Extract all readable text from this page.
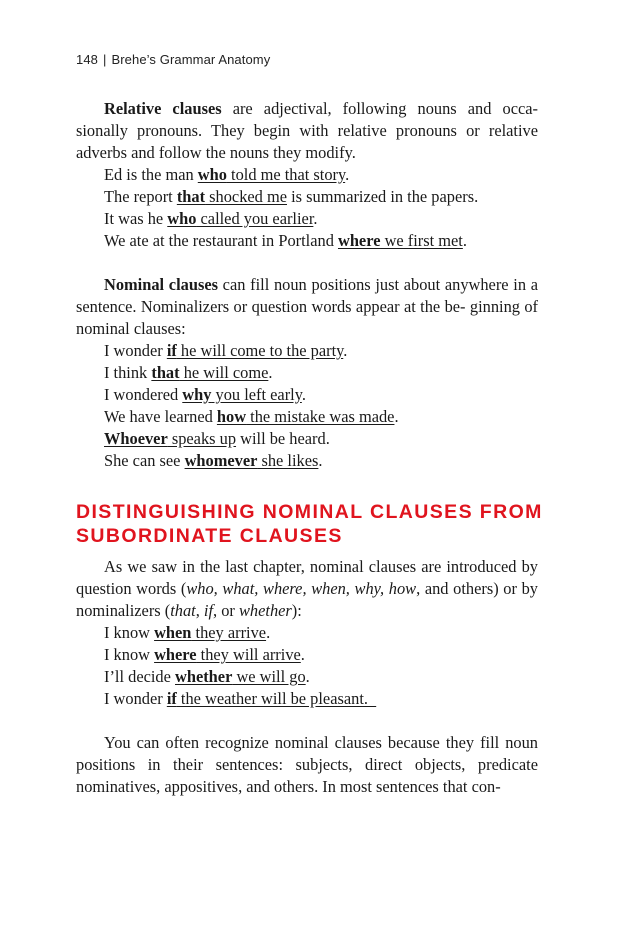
148 | Brehe’s Grammar Anatomy

Relative clauses are adjectival, following nouns and occa- sionally pronouns. They begin with relative pronouns or relative adverbs and follow the nouns they modify.

Ed is the man who told me that story.
The report that shocked me is summarized in the papers.
It was he who called you earlier.
We ate at the restaurant in Portland where we first met.

Nominal clauses can fill noun positions just about anywhere in a sentence. Nominalizers or question words appear at the be- ginning of nominal clauses:

I wonder if he will come to the party.
I think that he will come.
I wondered why you left early.
We have learned how the mistake was made.
Whoever speaks up will be heard.
She can see whomever she likes.
DISTINGUISHING NOMINAL CLAUSES FROM
SUBORDINATE CLAUSES

As we saw in the last chapter, nominal clauses are introduced by question words (who, what, where, when, why, how, and others) or by nominalizers (that, if, or whether):

I know when they arrive.
I know where they will arrive.
I’ll decide whether we will go.
I wonder if the weather will be pleasant.

You can often recognize nominal clauses because they fill noun positions in their sentences: subjects, direct objects, predicate nominatives, appositives, and others. In most sentences that con-
